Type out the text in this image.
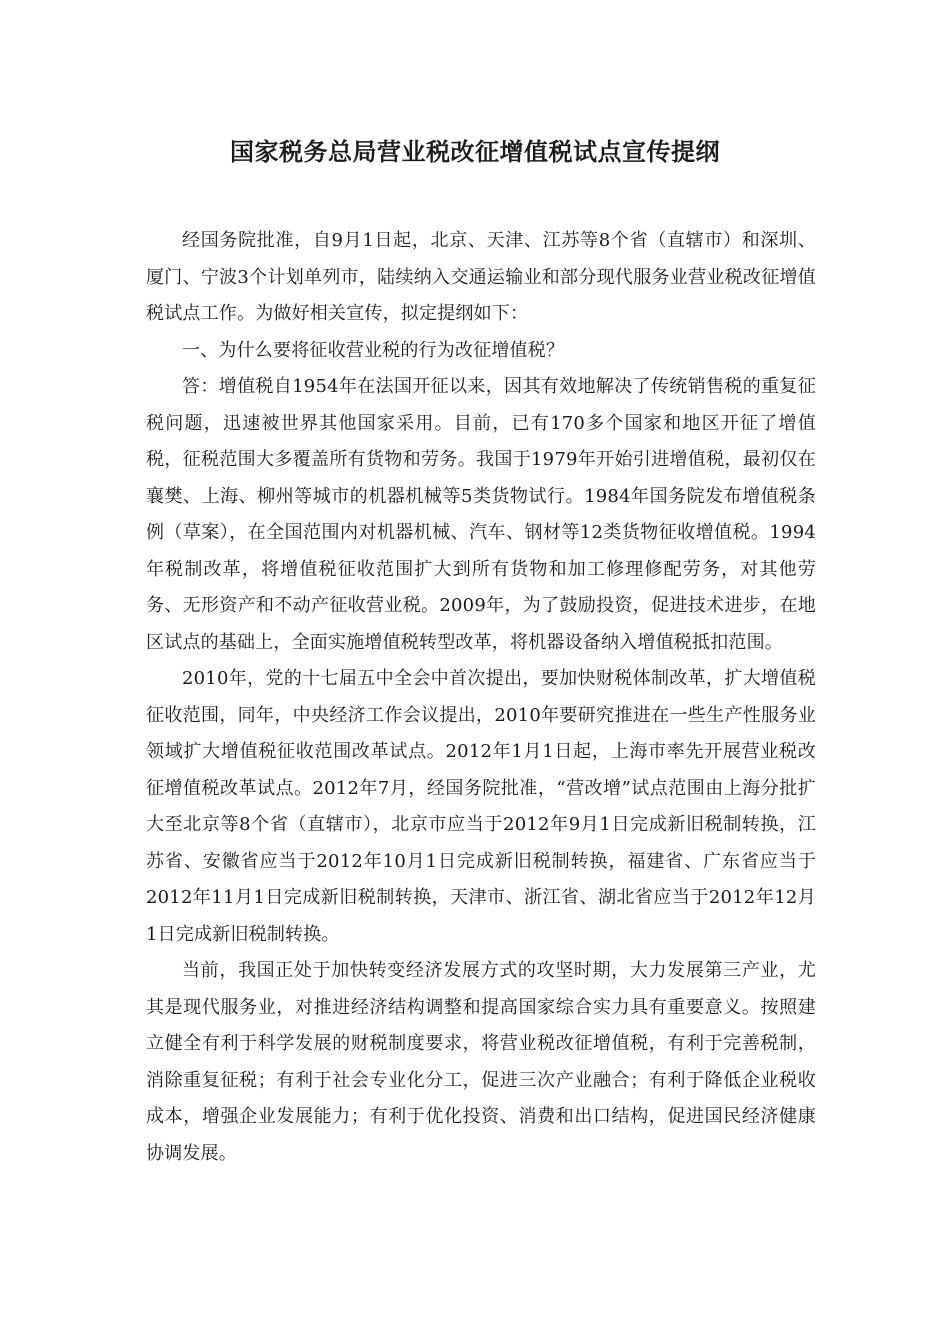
国家税务总局营业税改征增值税试点宣传提纲

经国务院批准，自9月1日起，北京、天津、江苏等8个省（直辖市）和深圳、厦门、宁波3个计划单列市，陆续纳入交通运输业和部分现代服务业营业税改征增值税试点工作。为做好相关宣传，拟定提纲如下：

一、为什么要将征收营业税的行为改征增值税？

答：增值税自1954年在法国开征以来，因其有效地解决了传统销售税的重复征税问题，迅速被世界其他国家采用。目前，已有170多个国家和地区开征了增值税，征税范围大多覆盖所有货物和劳务。我国于1979年开始引进增值税，最初仅在襄樊、上海、柳州等城市的机器机械等5类货物试行。1984年国务院发布增值税条例（草案），在全国范围内对机器机械、汽车、钢材等12类货物征收增值税。1994年税制改革，将增值税征收范围扩大到所有货物和加工修理修配劳务，对其他劳务、无形资产和不动产征收营业税。2009年，为了鼓励投资，促进技术进步，在地区试点的基础上，全面实施增值税转型改革，将机器设备纳入增值税抵扣范围。

2010年，党的十七届五中全会中首次提出，要加快财税体制改革，扩大增值税征收范围，同年，中央经济工作会议提出，2010年要研究推进在一些生产性服务业领域扩大增值税征收范围改革试点。2012年1月1日起，上海市率先开展营业税改征增值税改革试点。2012年7月，经国务院批准，“营改增”试点范围由上海分批扩大至北京等8个省（直辖市），北京市应当于2012年9月1日完成新旧税制转换，江苏省、安徽省应当于2012年10月1日完成新旧税制转换，福建省、广东省应当于2012年11月1日完成新旧税制转换，天津市、浙江省、湖北省应当于2012年12月1日完成新旧税制转换。

当前，我国正处于加快转变经济发展方式的攻坚时期，大力发展第三产业，尤其是现代服务业，对推进经济结构调整和提高国家综合实力具有重要意义。按照建立健全有利于科学发展的财税制度要求，将营业税改征增值税，有利于完善税制，消除重复征税；有利于社会专业化分工，促进三次产业融合；有利于降低企业税收成本，增强企业发展能力；有利于优化投资、消费和出口结构，促进国民经济健康协调发展。
